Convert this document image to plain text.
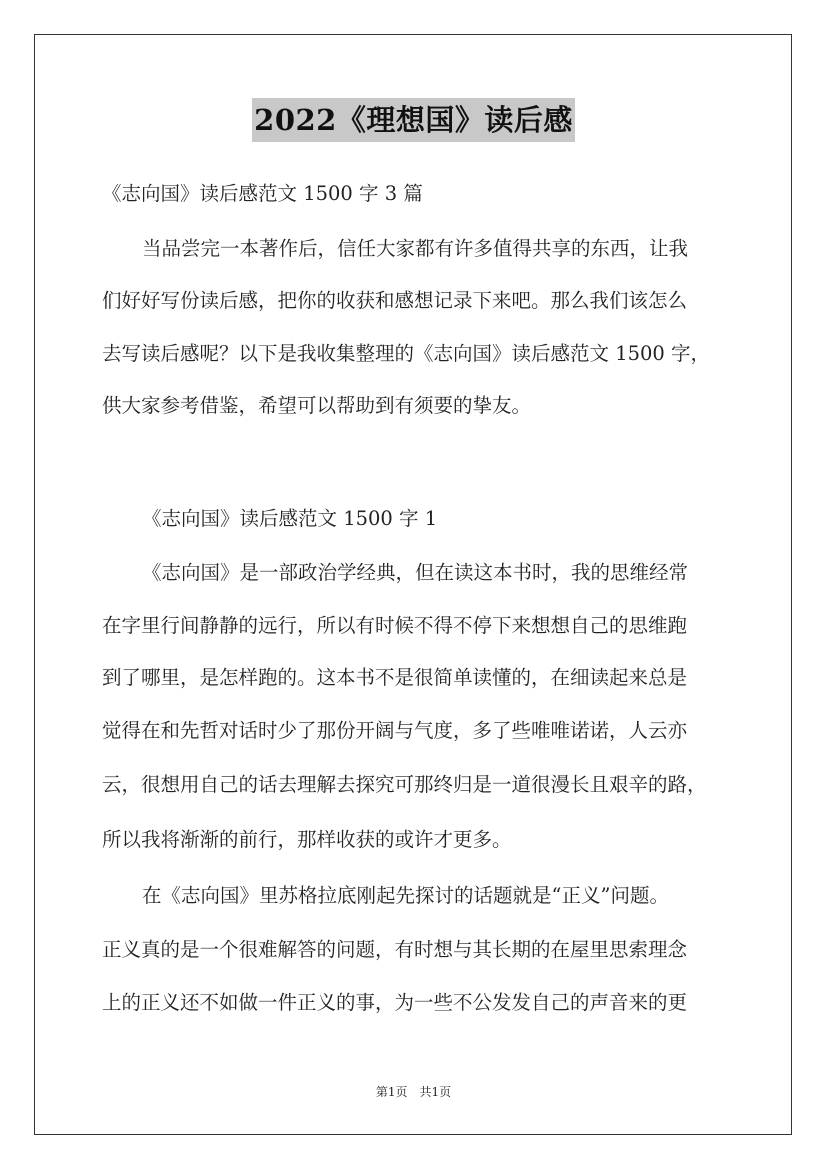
2022《理想国》读后感
《志向国》读后感范文 1500 字 3 篇
当品尝完一本著作后，信任大家都有许多值得共享的东西，让我
们好好写份读后感，把你的收获和感想记录下来吧。那么我们该怎么
去写读后感呢？以下是我收集整理的《志向国》读后感范文 1500 字，
供大家参考借鉴，希望可以帮助到有须要的挚友。
《志向国》读后感范文 1500 字 1
《志向国》是一部政治学经典，但在读这本书时，我的思维经常
在字里行间静静的远行，所以有时候不得不停下来想想自己的思维跑
到了哪里，是怎样跑的。这本书不是很简单读懂的，在细读起来总是
觉得在和先哲对话时少了那份开阔与气度，多了些唯唯诺诺，人云亦
云，很想用自己的话去理解去探究可那终归是一道很漫长且艰辛的路，
所以我将渐渐的前行，那样收获的或许才更多。
在《志向国》里苏格拉底刚起先探讨的话题就是“正义”问题。
正义真的是一个很难解答的问题，有时想与其长期的在屋里思索理念
上的正义还不如做一件正义的事，为一些不公发发自己的声音来的更
第1页　共1页
